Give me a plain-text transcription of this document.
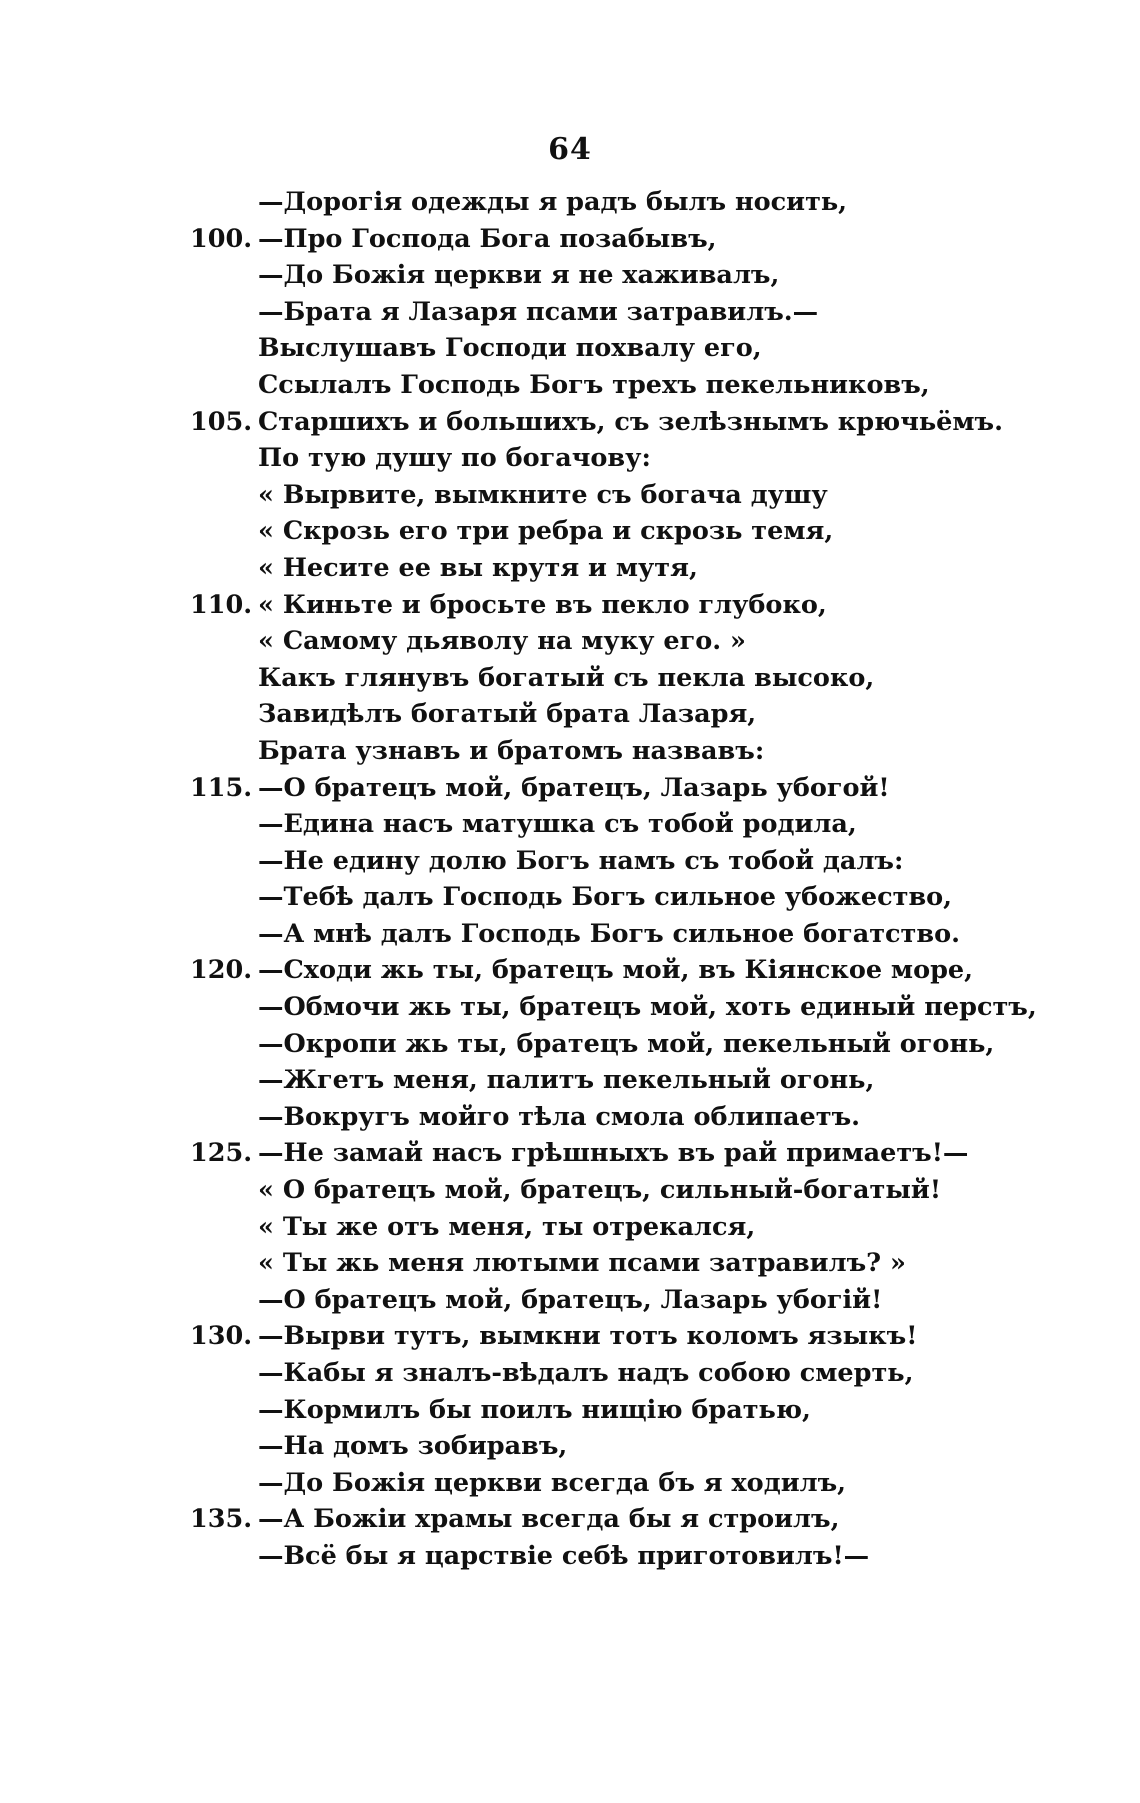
64
—Дорогія одежды я радъ былъ носить,
100. —Про Господа Бога позабывъ,
—До Божія церкви я не хаживалъ,
—Брата я Лазаря псами затравилъ.—
Выслушавъ Господи похвалу его,
Ссылалъ Господь Богъ трехъ пекельниковъ,
105. Старшихъ и большихъ, съ зелѣзнымъ крючьёмъ.
По тую душу по богачову:
« Вырвите, вымкните съ богача душу
« Скрозь его три ребра и скрозь темя,
« Несите ее вы крутя и мутя,
110. « Киньте и бросьте въ пекло глубоко,
« Самому дьяволу на муку его. »
Какъ глянувъ богатый съ пекла высоко,
Завидѣлъ богатый брата Лазаря,
Брата узнавъ и братомъ назвавъ:
115. —О братецъ мой, братецъ, Лазарь убогой!
—Едина насъ матушка съ тобой родила,
—Не едину долю Богъ намъ съ тобой далъ:
—Тебѣ далъ Господь Богъ сильное убожество,
—А мнѣ далъ Господь Богъ сильное богатство.
120. —Сходи жь ты, братецъ мой, въ Кіянское море,
—Обмочи жь ты, братецъ мой, хоть единый перстъ,
—Окропи жь ты, братецъ мой, пекельный огонь,
—Жгетъ меня, палитъ пекельный огонь,
—Вокругъ мойго тѣла смола облипаетъ.
125. —Не замай насъ грѣшныхъ въ рай примаетъ!—
« О братецъ мой, братецъ, сильный-богатый!
« Ты же отъ меня, ты отрекался,
« Ты жь меня лютыми псами затравилъ? »
—О братецъ мой, братецъ, Лазарь убогій!
130. —Вырви тутъ, вымкни тотъ коломъ языкъ!
—Кабы я зналъ-вѣдалъ надъ собою смерть,
—Кормилъ бы поилъ нищію братью,
—На домъ зобиравъ,
—До Божія церкви всегда бъ я ходилъ,
135. —А Божіи храмы всегда бы я строилъ,
—Всё бы я царствіе себѣ приготовилъ!—
